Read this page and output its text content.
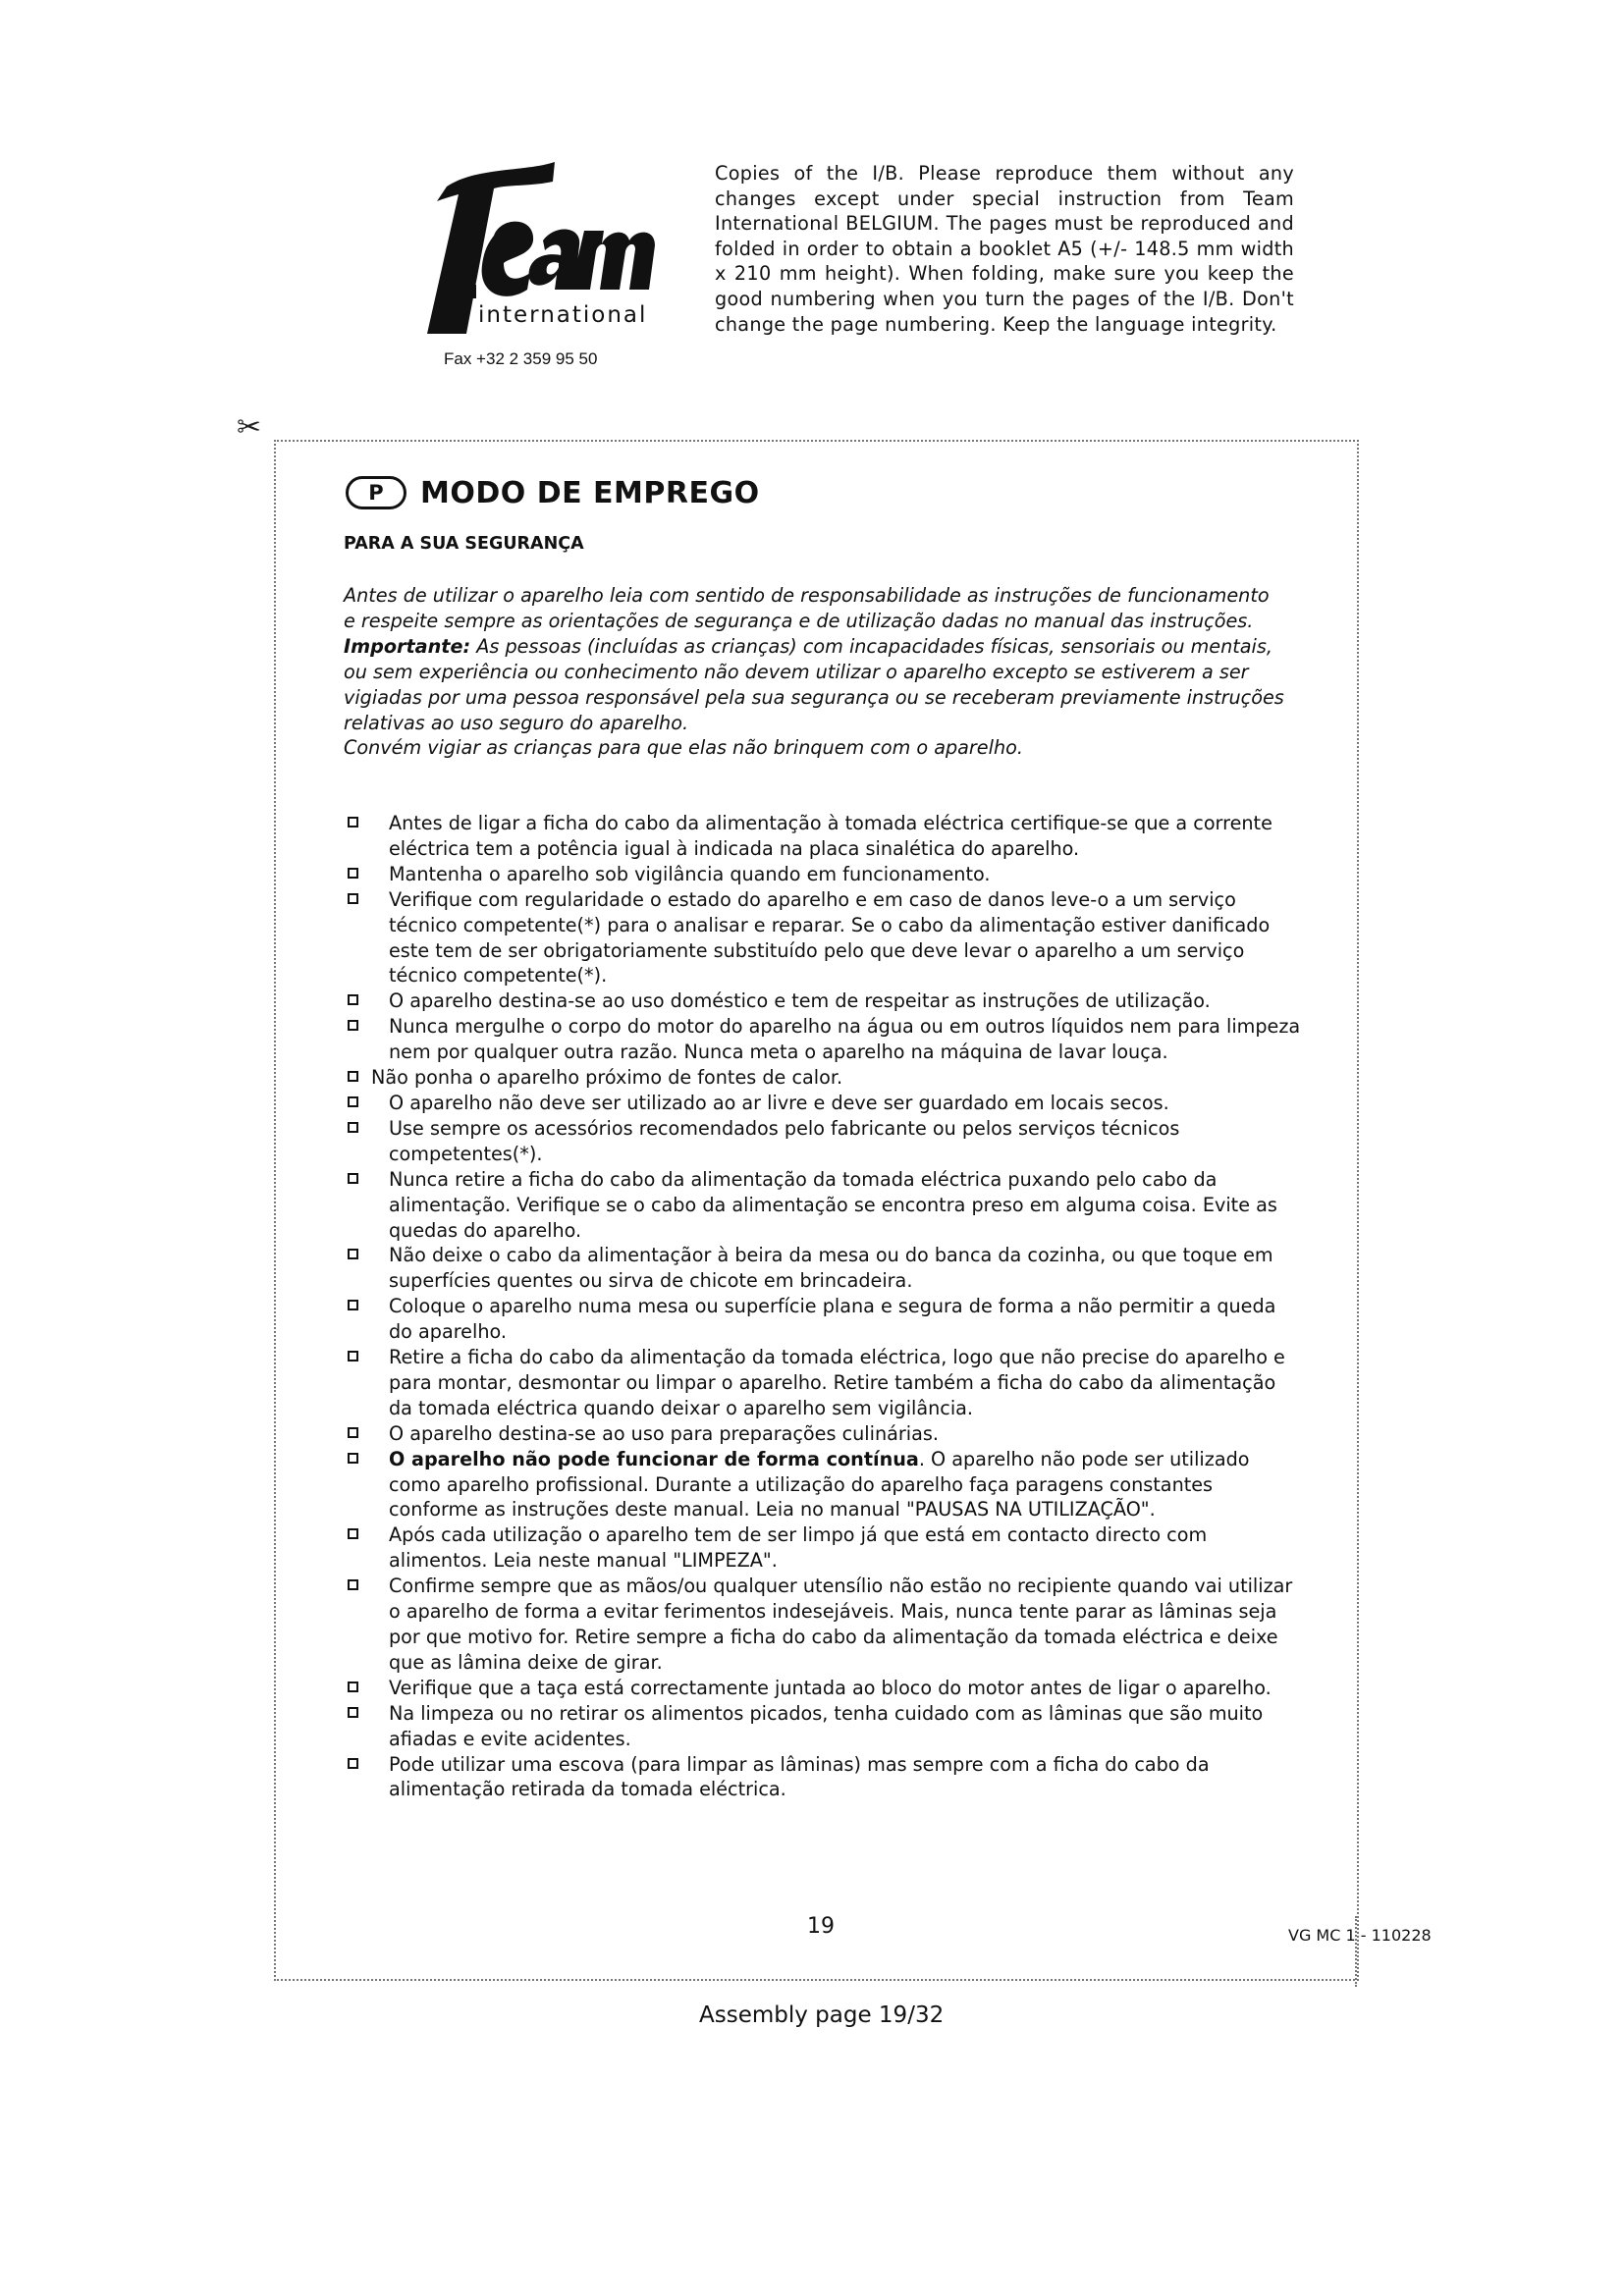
international
Fax +32 2 359 95 50
Copies of the I/B. Please reproduce them without any changes except under special instruction from Team International BELGIUM. The pages must be reproduced and folded in order to obtain a booklet A5 (+/- 148.5 mm width x 210 mm height). When folding, make sure you keep the good numbering when you turn the pages of the I/B. Don't change the page numbering. Keep the language integrity.
✂
P	MODO DE EMPREGO
PARA A SUA SEGURANÇA

Antes de utilizar o aparelho leia com sentido de responsabilidade as instruções de funcionamento e respeite sempre as orientações de segurança e de utilização dadas no manual das instruções.

Importante: As pessoas (incluídas as crianças) com incapacidades físicas, sensoriais ou mentais, ou sem experiência ou conhecimento não devem utilizar o aparelho excepto se estiverem a ser vigiadas por uma pessoa responsável pela sua segurança ou se receberam previamente instruções relativas ao uso seguro do aparelho.

Convém vigiar as crianças para que elas não brinquem com o aparelho.

Antes de ligar a ficha do cabo da alimentação à tomada eléctrica certifique-se que a corrente eléctrica tem a potência igual à indicada na placa sinalética do aparelho.
Mantenha o aparelho sob vigilância quando em funcionamento.
Verifique com regularidade o estado do aparelho e em caso de danos leve-o a um serviço técnico competente(*) para o analisar e reparar. Se o cabo da alimentação estiver danificado este tem de ser obrigatoriamente substituído pelo que deve levar o aparelho a um serviço técnico competente(*).
O aparelho destina-se ao uso doméstico e tem de respeitar as instruções de utilização.
Nunca mergulhe o corpo do motor do aparelho na água ou em outros líquidos nem para limpeza nem por qualquer outra razão. Nunca meta o aparelho na máquina de lavar louça.
Não ponha o aparelho próximo de fontes de calor.
O aparelho não deve ser utilizado ao ar livre e deve ser guardado em locais secos.
Use sempre os acessórios recomendados pelo fabricante ou pelos serviços técnicos competentes(*).
Nunca retire a ficha do cabo da alimentação da tomada eléctrica puxando pelo cabo da alimentação. Verifique se o cabo da alimentação se encontra preso em alguma coisa. Evite as quedas do aparelho.
Não deixe o cabo da alimentaçãor à beira da mesa ou do banca da cozinha, ou que toque em superfícies quentes ou sirva de chicote em brincadeira.
Coloque o aparelho numa mesa ou superfície plana e segura de forma a não permitir a queda do aparelho.
Retire a ficha do cabo da alimentação da tomada eléctrica, logo que não precise do aparelho e para montar, desmontar ou limpar o aparelho. Retire também a ficha do cabo da alimentação da tomada eléctrica quando deixar o aparelho sem vigilância.
O aparelho destina-se ao uso para preparações culinárias.
O aparelho não pode funcionar de forma contínua. O aparelho não pode ser utilizado como aparelho profissional. Durante a utilização do aparelho faça paragens constantes conforme as instruções deste manual. Leia no manual "PAUSAS NA UTILIZAÇÃO".
Após cada utilização o aparelho tem de ser limpo já que está em contacto directo com alimentos. Leia neste manual "LIMPEZA".
Confirme sempre que as mãos/ou qualquer utensílio não estão no recipiente quando vai utilizar o aparelho de forma a evitar ferimentos indesejáveis. Mais, nunca tente parar as lâminas seja por que motivo for. Retire sempre a ficha do cabo da alimentação da tomada eléctrica e deixe que as lâmina deixe de girar.
Verifique que a taça está correctamente juntada ao bloco do motor antes de ligar o aparelho.
Na limpeza ou no retirar os alimentos picados, tenha cuidado com as lâminas que são muito afiadas e evite acidentes.
Pode utilizar uma escova (para limpar as lâminas) mas sempre com a ficha do cabo da alimentação retirada da tomada eléctrica.
19	VG MC 1 - 110228
Assembly page 19/32
